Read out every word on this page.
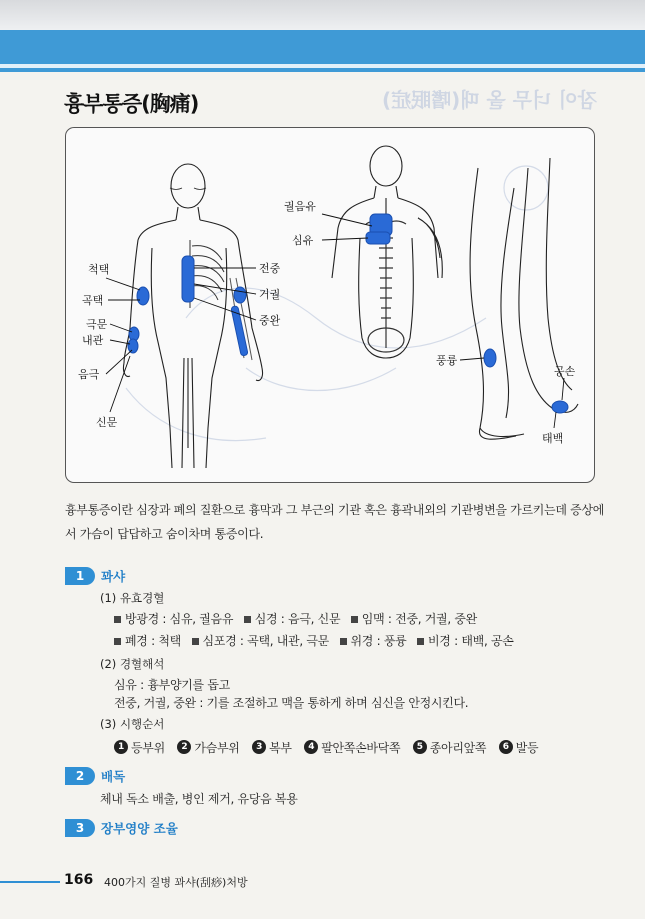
잠이 너무 올 때(嗜眠症)
흉부통증(胸痛)
척택
곡택
극문
내관
음극
신문
전중
거궐
중완
궐음유
심유
풍륭
공손
태백
흉부통증이란 심장과 폐의 질환으로 흉막과 그 부근의 기관 혹은 흉곽내외의 기관병변을 가르키는데 증상에서 가슴이 답답하고 숨이차며 통증이다.
1	꽈샤
(1) 유효경혈
방광경 : 심유, 궐음유 심경 : 음극, 신문 임맥 : 전중, 거궐, 중완
폐경 : 척택 심포경 : 곡택, 내관, 극문 위경 : 풍륭 비경 : 태백, 공손
(2) 경혈해석
심유 : 흉부양기를 돕고
전중, 거궐, 중완 : 기를 조절하고 맥을 통하게 하며 심신을 안정시킨다.
(3) 시행순서
1 등부위
	2 가슴부위
	3 복부
	4 팔안쪽손바닥쪽
	5 종아리앞쪽
	6 발등
2	배독
체내 독소 배출, 병인 제거, 유당음 복용
3	장부영양 조율
166 400가지 질병 꽈샤(刮痧)처방
